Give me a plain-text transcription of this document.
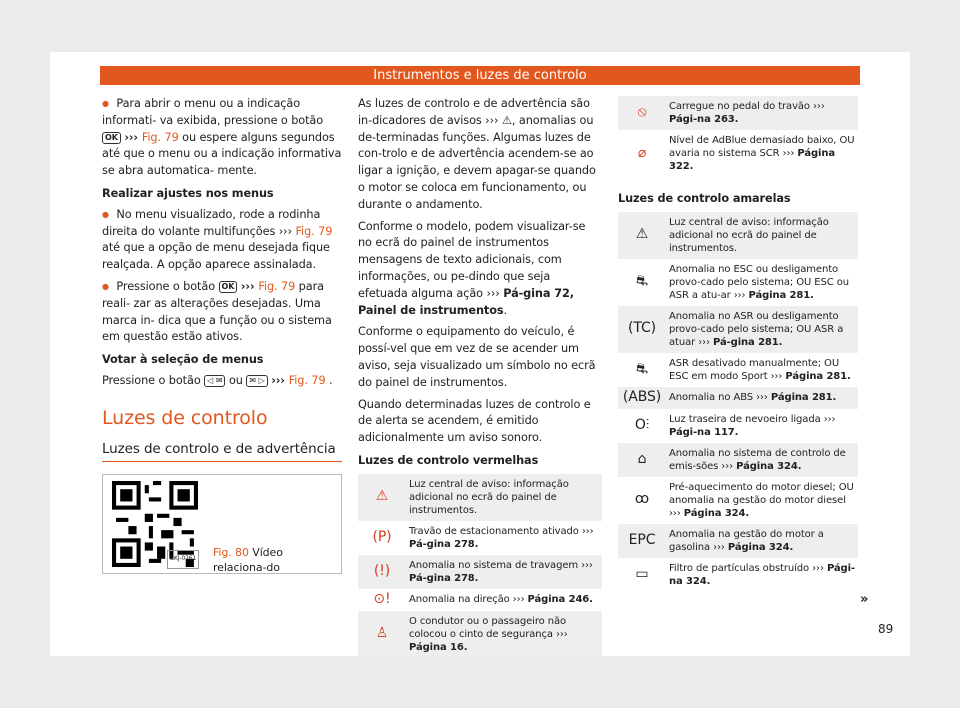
Instrumentos e luzes de controlo

● Para abrir o menu ou a indicação informati- va exibida, pressione o botão OK ››› Fig. 79 ou espere alguns segundos até que o menu ou a indicação informativa se abra automatica- mente.

Realizar ajustes nos menus

● No menu visualizado, rode a rodinha direita do volante multifunções ››› Fig. 79 até que a opção de menu desejada fique realçada. A opção aparece assinalada.

● Pressione o botão OK ››› Fig. 79 para reali- zar as alterações desejadas. Uma marca in- dica que a função ou o sistema em questão estão ativos.

Votar à seleção de menus

Pressione o botão ◁ ✉ ou ✉ ▷ ››› Fig. 79 .

Luzes de controlo
Luzes de controlo e de advertência
BKJ-0261 Fig. 80 Vídeo relaciona-do

As luzes de controlo e de advertência são in-dicadores de avisos ››› ⚠, anomalias ou de-terminadas funções. Algumas luzes de con-trolo e de advertência acendem-se ao ligar a ignição, e devem apagar-se quando o motor se coloca em funcionamento, ou durante o andamento.

Conforme o modelo, podem visualizar-se no ecrã do painel de instrumentos mensagens de texto adicionais, com informações, ou pe-dindo que seja efetuada alguma ação ››› Pá-gina 72, Painel de instrumentos.

Conforme o equipamento do veículo, é possí-vel que em vez de se acender um aviso, seja visualizado um símbolo no ecrã do painel de instrumentos.

Quando determinadas luzes de controlo e de alerta se acendem, é emitido adicionalmente um aviso sonoro.

Luzes de controlo vermelhas

⚠	Luz central de aviso: informação adicional no ecrã do painel de instrumentos.
(P)	Travão de estacionamento ativado ››› Pá-gina 278.
(!)	Anomalia no sistema de travagem ››› Pá-gina 278.
⊙!	Anomalia na direção ››› Página 246.
♙	O condutor ou o passageiro não colocou o cinto de segurança ››› Página 16.
⦸	Carregue no pedal do travão ››› Pági-na 263.
⌀	Nível de AdBlue demasiado baixo, OU avaria no sistema SCR ››› Página 322.

Luzes de controlo amarelas

⚠	Luz central de aviso: informação adicional no ecrã do painel de instrumentos.
⛐	Anomalia no ESC ou desligamento provo-cado pelo sistema; OU ESC ou ASR a atu-ar ››› Página 281.
(TC)	Anomalia no ASR ou desligamento provo-cado pelo sistema; OU ASR a atuar ››› Pá-gina 281.
⛐	ASR desativado manualmente; OU ESC em modo Sport ››› Página 281.
(ABS)	Anomalia no ABS ››› Página 281.
O⫶	Luz traseira de nevoeiro ligada ››› Pági-na 117.
⌂	Anomalia no sistema de controlo de emis-sões ››› Página 324.
ꝏ	Pré-aquecimento do motor diesel; OU anomalia na gestão do motor diesel ››› Página 324.
EPC	Anomalia na gestão do motor a gasolina ››› Página 324.
▭	Filtro de partículas obstruído ››› Pági-na 324.
»
89
